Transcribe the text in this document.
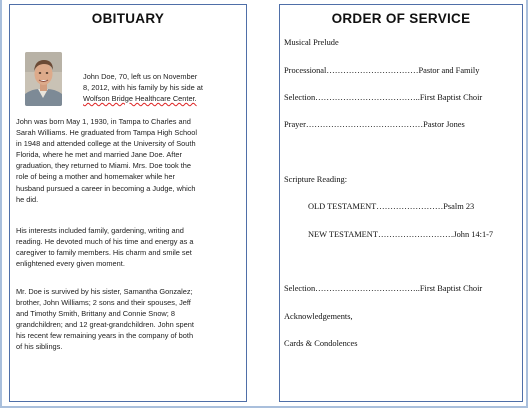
OBITUARY
John Doe, 70, left us on November
8, 2012, with his family by his side at
Wolfson Bridge Healthcare Center.
John was born May 1, 1930, in Tampa to Charles and
Sarah Williams. He graduated from Tampa High School
in 1948 and attended college at the University of South
Florida, where he met and married Jane Doe. After
graduation, they returned to Miami. Mrs. Doe took the
role of being a mother and homemaker while her
husband pursued a career in becoming a Judge, which
he did.
His interests included family, gardening, writing and
reading. He devoted much of his time and energy as a
caregiver to family members. His charm and smile set
enlightened every given moment.
Mr. Doe is survived by his sister, Samantha Gonzalez;
brother, John Williams; 2 sons and their spouses, Jeff
and Timothy Smith, Brittany and Connie Snow; 8
grandchildren; and 12 great-grandchildren. John spent
his recent few remaining years in the company of both
of his siblings.
ORDER OF SERVICE
Musical Prelude
Processional……………………………Pastor and Family
Selection………………………………..First Baptist Choir
Prayer……………………………………Pastor Jones
Scripture Reading:
OLD TESTAMENT……………………Psalm 23
NEW TESTAMENT………………………John 14:1-7
Selection………………………………..First Baptist Choir
Acknowledgements,
Cards & Condolences
